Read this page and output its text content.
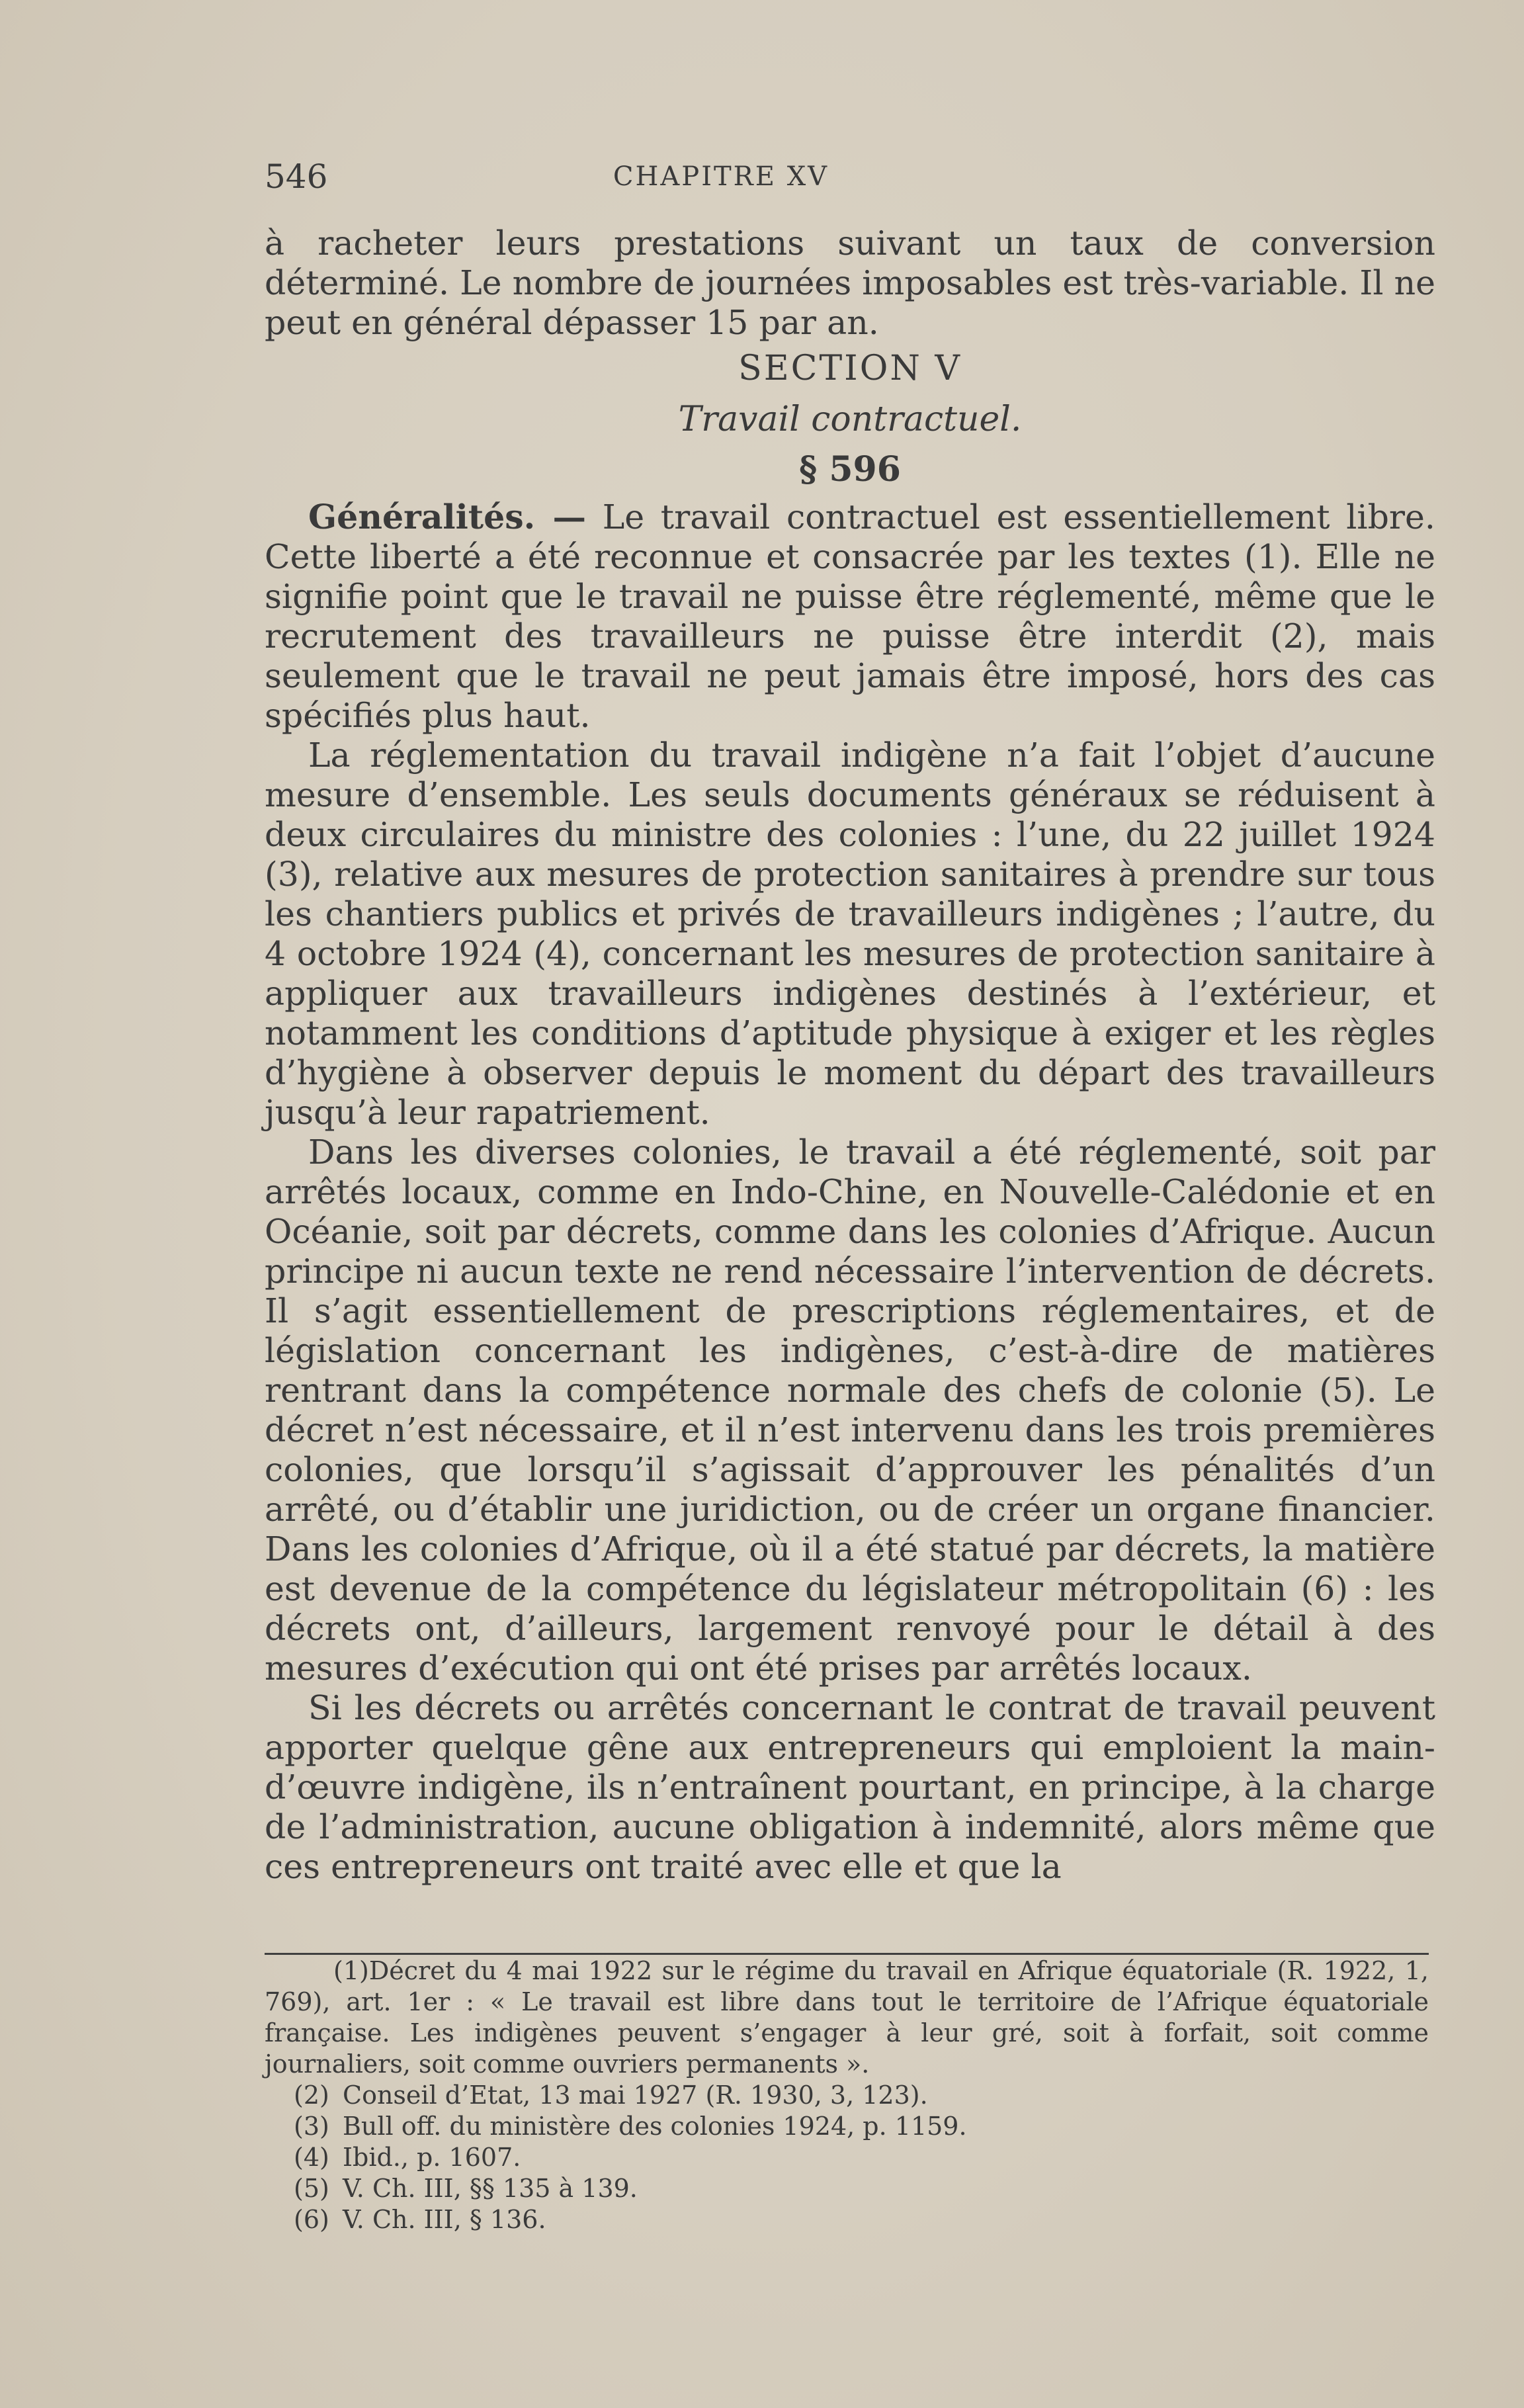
546	CHAPITRE XV

à racheter leurs prestations suivant un taux de conversion déterminé. Le nombre de journées imposables est très-variable. Il ne peut en général dépasser 15 par an.

SECTION V

Travail contractuel.

§ 596

Généralités. — Le travail contractuel est essentiellement libre. Cette liberté a été reconnue et consacrée par les textes (1). Elle ne signifie point que le travail ne puisse être réglementé, même que le recrutement des travailleurs ne puisse être interdit (2), mais seulement que le travail ne peut jamais être imposé, hors des cas spécifiés plus haut.

La réglementation du travail indigène n’a fait l’objet d’aucune mesure d’ensemble. Les seuls documents généraux se réduisent à deux circulaires du ministre des colonies : l’une, du 22 juillet 1924 (3), relative aux mesures de protection sanitaires à prendre sur tous les chantiers publics et privés de travailleurs indigènes ; l’autre, du 4 octobre 1924 (4), concernant les mesures de protection sanitaire à appliquer aux travailleurs indigènes destinés à l’extérieur, et notamment les conditions d’aptitude physique à exiger et les règles d’hygiène à observer depuis le moment du départ des travailleurs jusqu’à leur rapatriement.

Dans les diverses colonies, le travail a été réglementé, soit par arrêtés locaux, comme en Indo-Chine, en Nouvelle-Calédonie et en Océanie, soit par décrets, comme dans les colonies d’Afrique. Aucun principe ni aucun texte ne rend nécessaire l’intervention de décrets. Il s’agit essentiellement de prescriptions réglementaires, et de législation concernant les indigènes, c’est-à-dire de matières rentrant dans la compétence normale des chefs de colonie (5). Le décret n’est nécessaire, et il n’est intervenu dans les trois premières colonies, que lorsqu’il s’agissait d’approuver les pénalités d’un arrêté, ou d’établir une juridiction, ou de créer un organe financier. Dans les colonies d’Afrique, où il a été statué par décrets, la matière est devenue de la compétence du législateur métropolitain (6) : les décrets ont, d’ailleurs, largement renvoyé pour le détail à des mesures d’exécution qui ont été prises par arrêtés locaux.

Si les décrets ou arrêtés concernant le contrat de travail peuvent apporter quelque gêne aux entrepreneurs qui emploient la main-d’œuvre indigène, ils n’entraînent pourtant, en principe, à la charge de l’administration, aucune obligation à indemnité, alors même que ces entrepreneurs ont traité avec elle et que la

(1)Décret du 4 mai 1922 sur le régime du travail en Afrique équatoriale (R. 1922, 1, 769), art. 1er : « Le travail est libre dans tout le territoire de l’Afrique équatoriale française. Les indigènes peuvent s’engager à leur gré, soit à forfait, soit comme journaliers, soit comme ouvriers permanents ».

(2) Conseil d’Etat, 13 mai 1927 (R. 1930, 3, 123).

(3) Bull off. du ministère des colonies 1924, p. 1159.

(4) Ibid., p. 1607.

(5) V. Ch. III, §§ 135 à 139.

(6) V. Ch. III, § 136.
